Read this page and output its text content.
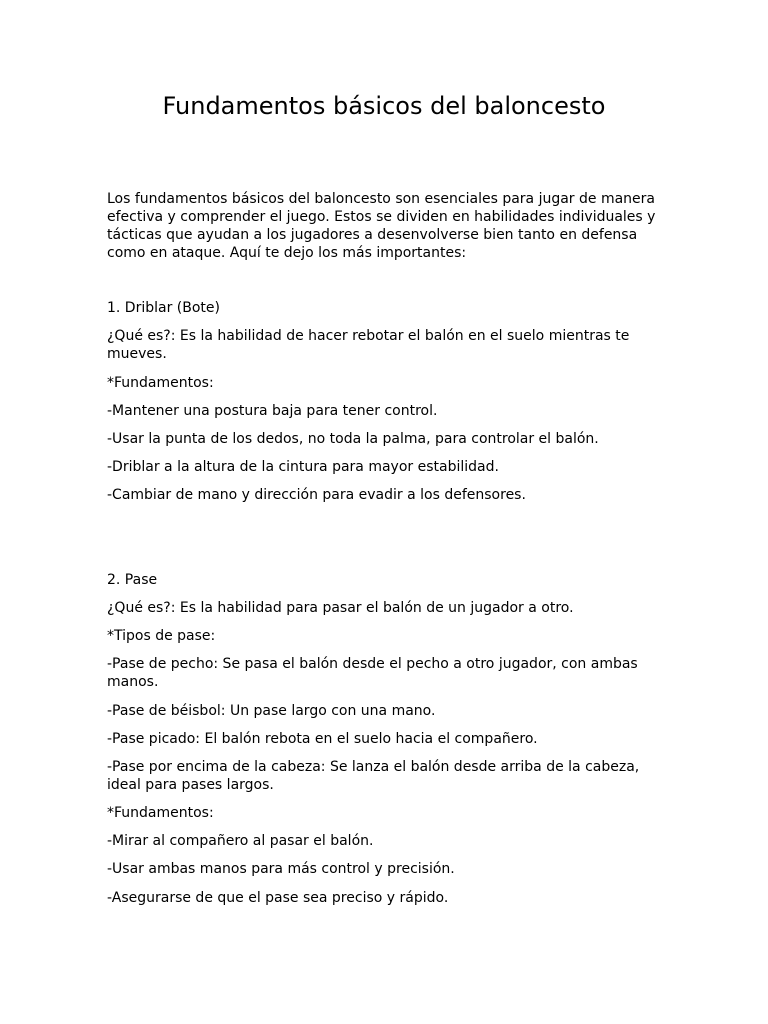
Fundamentos básicos del baloncesto

Los fundamentos básicos del baloncesto son esenciales para jugar de manera efectiva y comprender el juego. Estos se dividen en habilidades individuales y tácticas que ayudan a los jugadores a desenvolverse bien tanto en defensa como en ataque. Aquí te dejo los más importantes:

1. Driblar (Bote)

¿Qué es?: Es la habilidad de hacer rebotar el balón en el suelo mientras te mueves.

*Fundamentos:

-Mantener una postura baja para tener control.

-Usar la punta de los dedos, no toda la palma, para controlar el balón.

-Driblar a la altura de la cintura para mayor estabilidad.

-Cambiar de mano y dirección para evadir a los defensores.

2. Pase

¿Qué es?: Es la habilidad para pasar el balón de un jugador a otro.

*Tipos de pase:

-Pase de pecho: Se pasa el balón desde el pecho a otro jugador, con ambas manos.

-Pase de béisbol: Un pase largo con una mano.

-Pase picado: El balón rebota en el suelo hacia el compañero.

-Pase por encima de la cabeza: Se lanza el balón desde arriba de la cabeza, ideal para pases largos.

*Fundamentos:

-Mirar al compañero al pasar el balón.

-Usar ambas manos para más control y precisión.

-Asegurarse de que el pase sea preciso y rápido.
